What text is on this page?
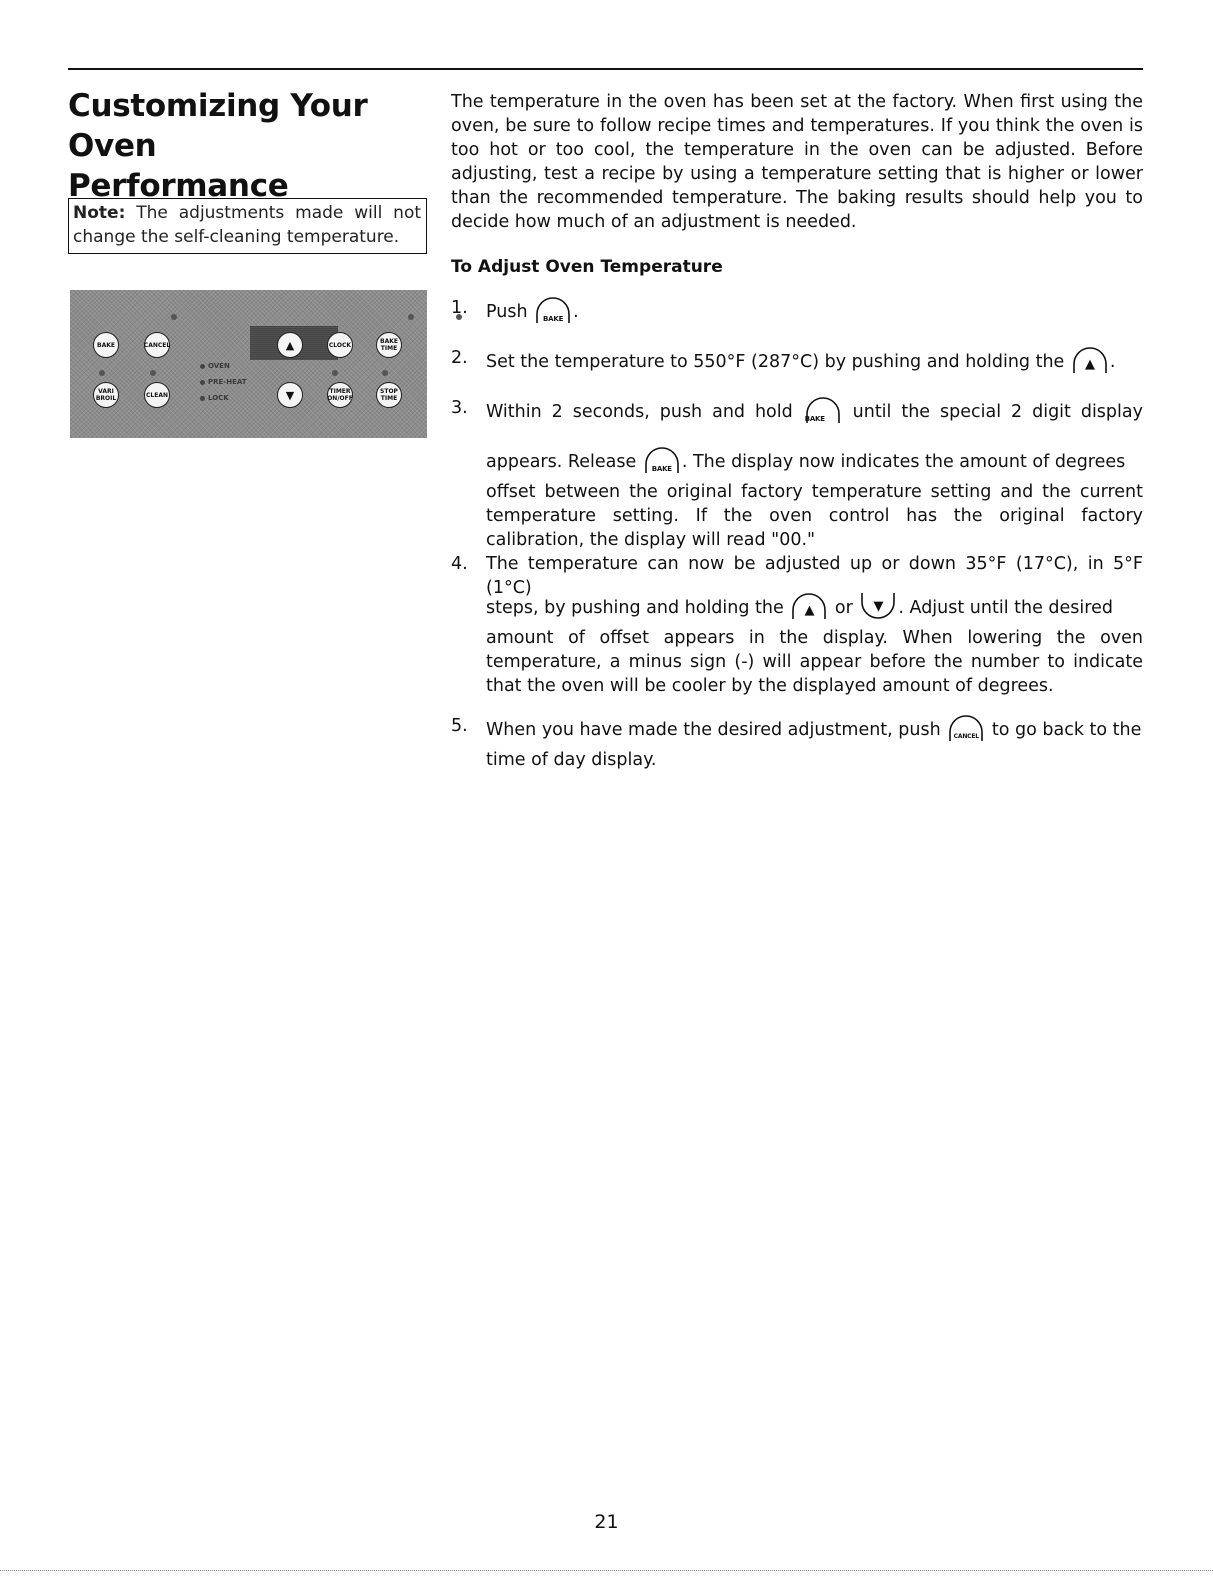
Customizing Your Oven
Performance
Note: The adjustments made will not change the self-cleaning temperature.
BAKE	CANCEL	▲	CLOCK	BAKE TIME
OVEN
PRE-HEAT
LOCK
VARI BROIL	CLEAN	▼	TIMER ON/OFF
STOP TIME

The temperature in the oven has been set at the factory. When first using the oven, be sure to follow recipe times and temperatures. If you think the oven is too hot or too cool, the temperature in the oven can be adjusted. Before adjusting, test a recipe by using a temperature setting that is higher or lower than the recommended temperature. The baking results should help you to decide how much of an adjustment is needed.

To Adjust Oven Temperature
1. Push	BAKE .
2. Set the temperature to 550°F (287°C) by pushing and holding the	▲ .
3. Within 2 seconds, push and hold BAKE	until the special 2 digit display
appears. Release	BAKE . The display now indicates the amount of degrees
offset between the original factory temperature setting and the current temperature setting. If the oven control has the original factory calibration, the display will read "00."
4. The temperature can now be adjusted up or down 35°F (17°C), in 5°F (1°C)
steps, by pushing and holding the	▲	or	▼ . Adjust until the desired
amount of offset appears in the display. When lowering the oven temperature, a minus sign (-) will appear before the number to indicate that the oven will be cooler by the displayed amount of degrees.
5. When you have made the desired adjustment, push	CANCEL to go back to the
time of day display.
21
